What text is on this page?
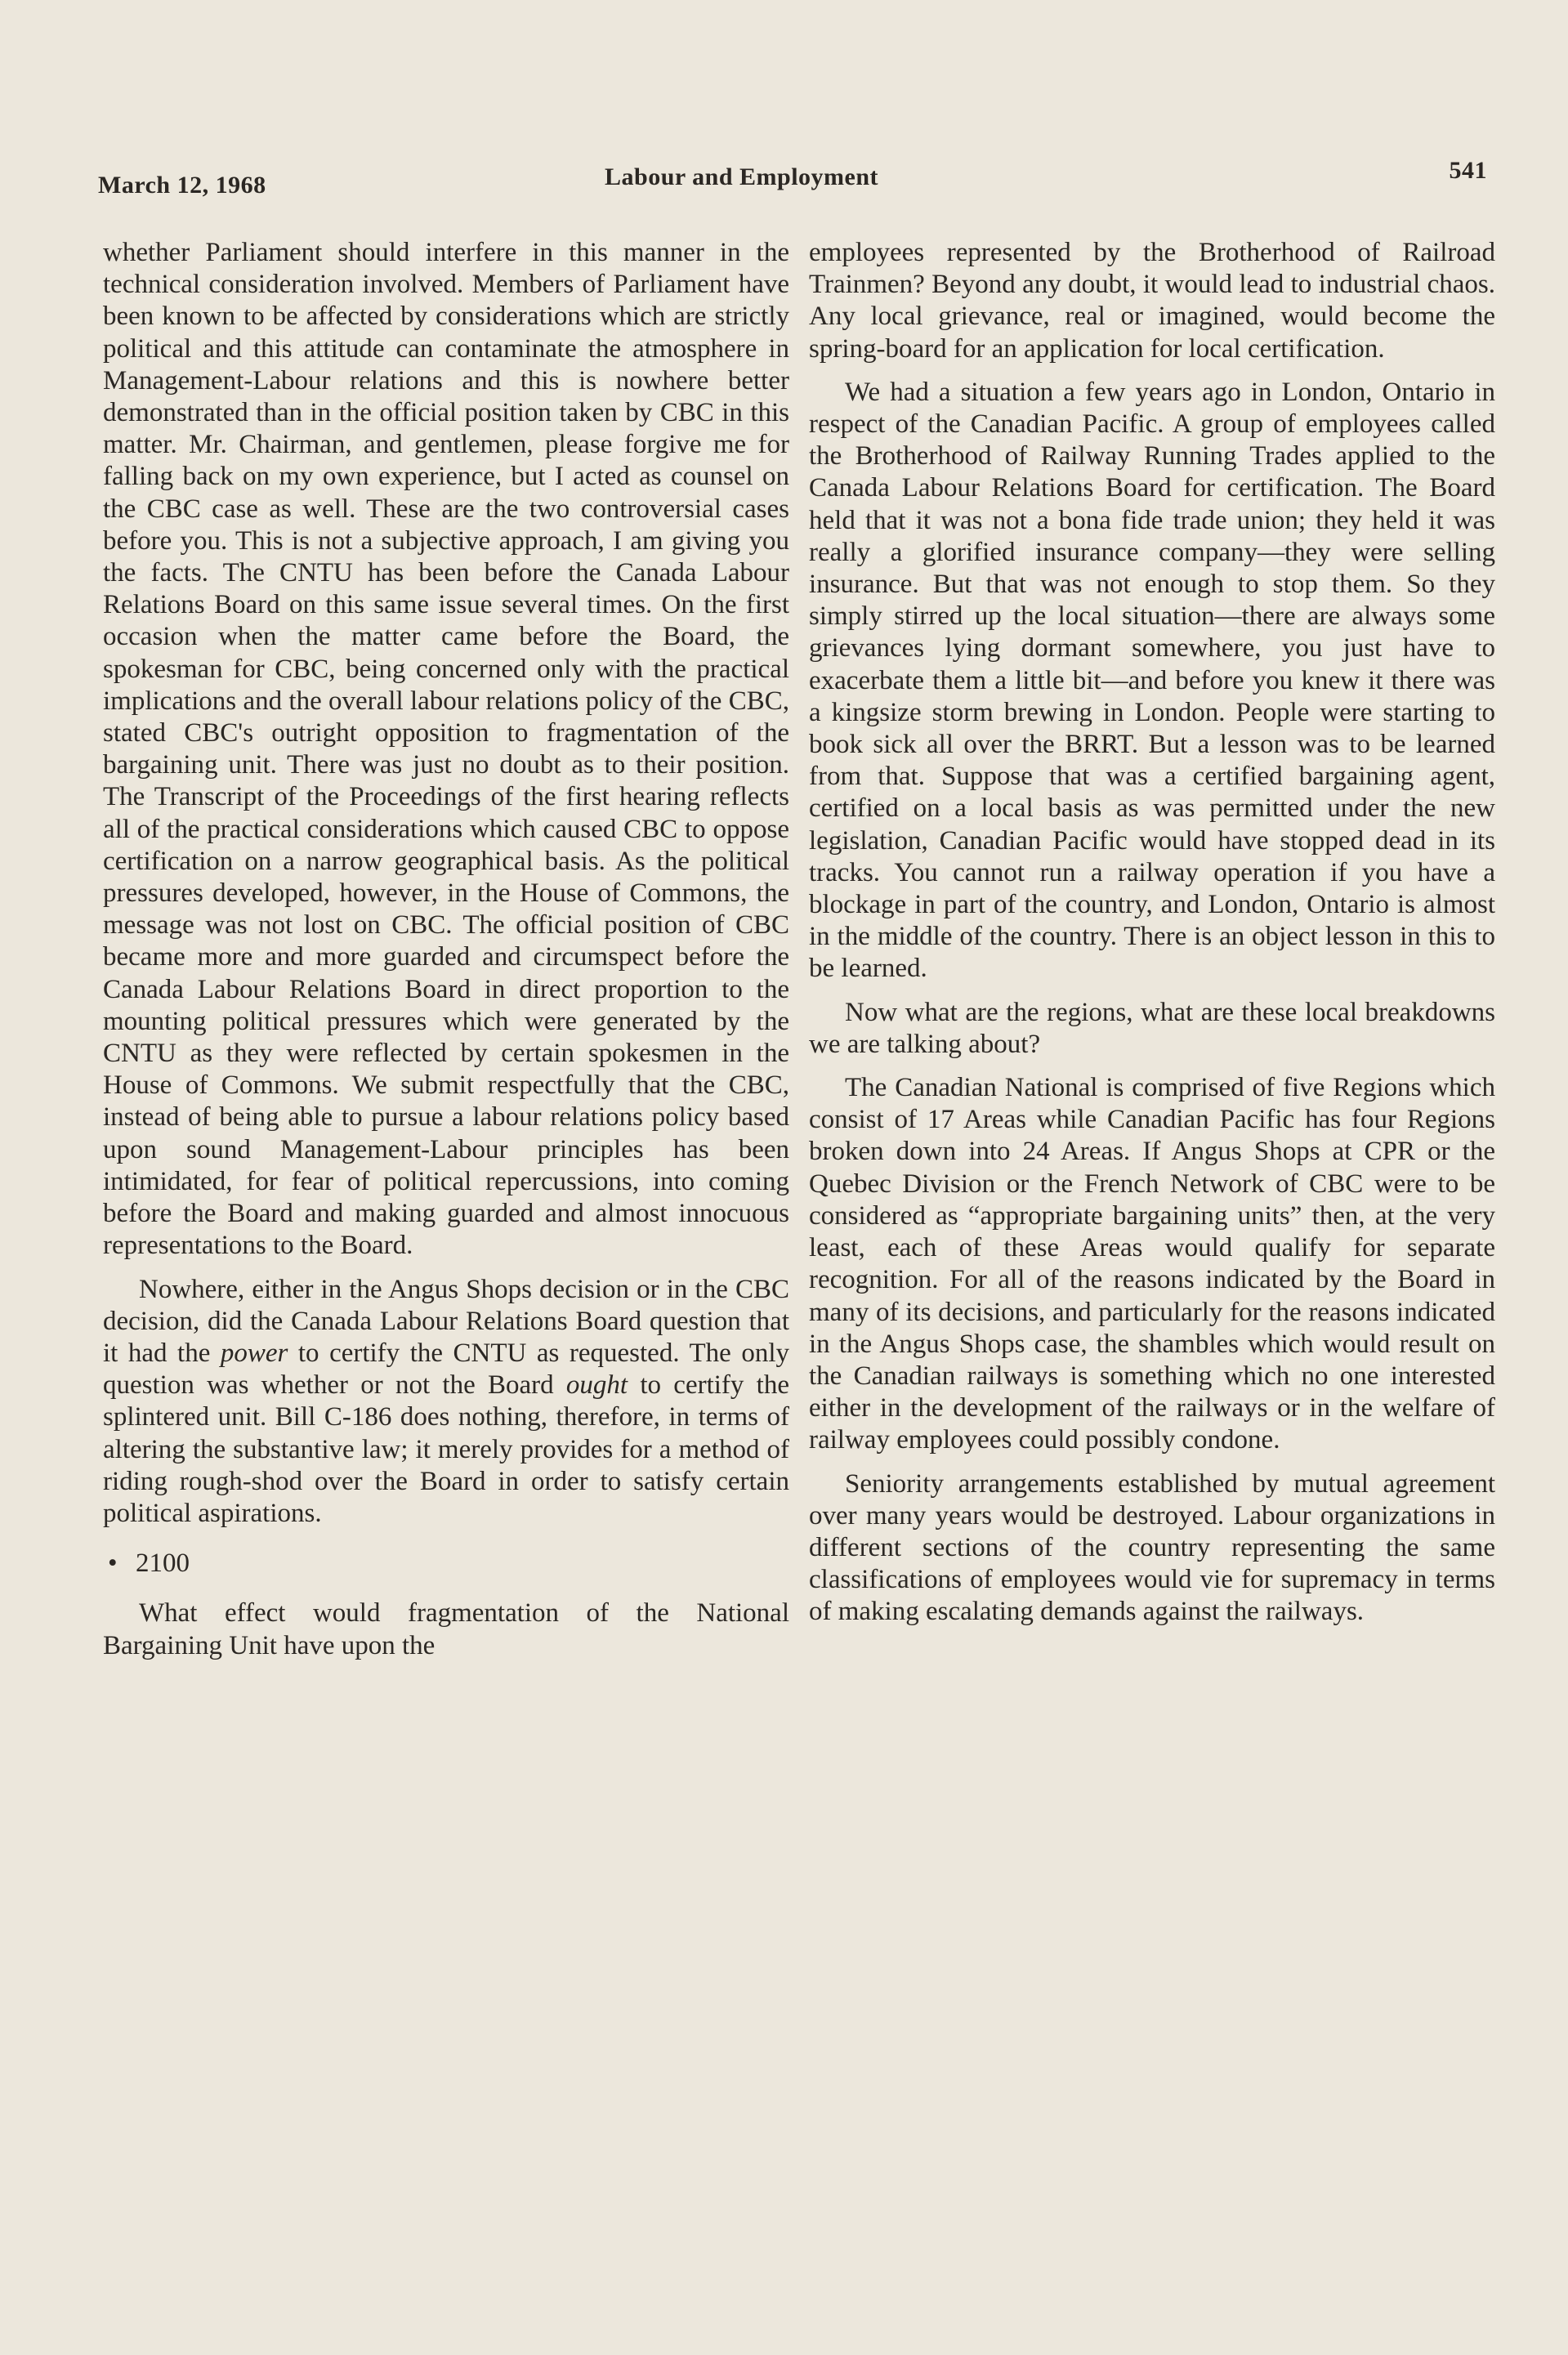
March 12, 1968	Labour and Employment	541

whether Parliament should interfere in this manner in the technical consideration involved. Members of Parliament have been known to be affected by considerations which are strictly political and this attitude can contaminate the atmosphere in Management-Labour relations and this is nowhere better demonstrated than in the official position taken by CBC in this matter. Mr. Chairman, and gentlemen, please forgive me for falling back on my own experience, but I acted as counsel on the CBC case as well. These are the two controversial cases before you. This is not a subjective approach, I am giving you the facts. The CNTU has been before the Canada Labour Relations Board on this same issue several times. On the first occasion when the matter came before the Board, the spokesman for CBC, being concerned only with the practical implications and the overall labour relations policy of the CBC, stated CBC's outright opposition to fragmentation of the bargaining unit. There was just no doubt as to their position. The Transcript of the Proceedings of the first hearing reflects all of the practical considerations which caused CBC to oppose certification on a narrow geographical basis. As the political pressures developed, however, in the House of Commons, the message was not lost on CBC. The official position of CBC became more and more guarded and circumspect before the Canada Labour Relations Board in direct proportion to the mounting political pressures which were generated by the CNTU as they were reflected by certain spokesmen in the House of Commons. We submit respectfully that the CBC, instead of being able to pursue a labour relations policy based upon sound Management-Labour principles has been intimidated, for fear of political repercussions, into coming before the Board and making guarded and almost innocuous representations to the Board.

Nowhere, either in the Angus Shops decision or in the CBC decision, did the Canada Labour Relations Board question that it had the power to certify the CNTU as requested. The only question was whether or not the Board ought to certify the splintered unit. Bill C-186 does nothing, therefore, in terms of altering the substantive law; it merely provides for a method of riding rough-shod over the Board in order to satisfy certain political aspirations.

• 2100

What effect would fragmentation of the National Bargaining Unit have upon the

employees represented by the Brotherhood of Railroad Trainmen? Beyond any doubt, it would lead to industrial chaos. Any local grievance, real or imagined, would become the spring-board for an application for local certification.

We had a situation a few years ago in London, Ontario in respect of the Canadian Pacific. A group of employees called the Brotherhood of Railway Running Trades applied to the Canada Labour Relations Board for certification. The Board held that it was not a bona fide trade union; they held it was really a glorified insurance company—they were selling insurance. But that was not enough to stop them. So they simply stirred up the local situation—there are always some grievances lying dormant somewhere, you just have to exacerbate them a little bit—and before you knew it there was a kingsize storm brewing in London. People were starting to book sick all over the BRRT. But a lesson was to be learned from that. Suppose that was a certified bargaining agent, certified on a local basis as was permitted under the new legislation, Canadian Pacific would have stopped dead in its tracks. You cannot run a railway operation if you have a blockage in part of the country, and London, Ontario is almost in the middle of the country. There is an object lesson in this to be learned.

Now what are the regions, what are these local breakdowns we are talking about?

The Canadian National is comprised of five Regions which consist of 17 Areas while Canadian Pacific has four Regions broken down into 24 Areas. If Angus Shops at CPR or the Quebec Division or the French Network of CBC were to be considered as “appropriate bargaining units” then, at the very least, each of these Areas would qualify for separate recognition. For all of the reasons indicated by the Board in many of its decisions, and particularly for the reasons indicated in the Angus Shops case, the shambles which would result on the Canadian railways is something which no one interested either in the development of the railways or in the welfare of railway employees could possibly condone.

Seniority arrangements established by mutual agreement over many years would be destroyed. Labour organizations in different sections of the country representing the same classifications of employees would vie for supremacy in terms of making escalating demands against the railways.
